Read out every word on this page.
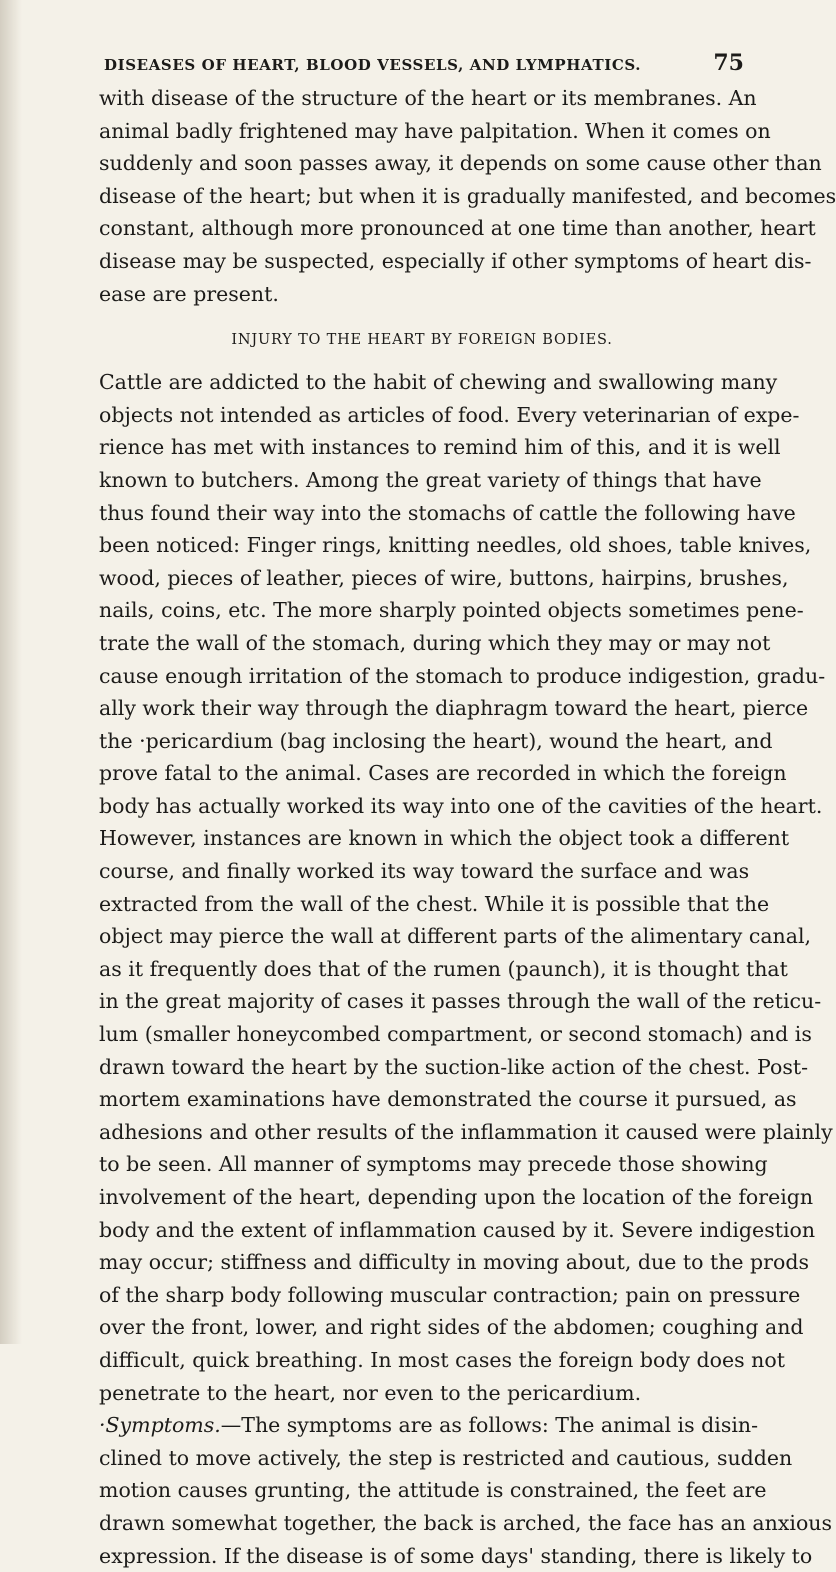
DISEASES OF HEART, BLOOD VESSELS, AND LYMPHATICS.	75
with disease of the structure of the heart or its membranes. An
animal badly frightened may have palpitation. When it comes on
suddenly and soon passes away, it depends on some cause other than
disease of the heart; but when it is gradually manifested, and becomes
constant, although more pronounced at one time than another, heart
disease may be suspected, especially if other symptoms of heart dis-
ease are present.
INJURY TO THE HEART BY FOREIGN BODIES.
Cattle are addicted to the habit of chewing and swallowing many
objects not intended as articles of food. Every veterinarian of expe-
rience has met with instances to remind him of this, and it is well
known to butchers. Among the great variety of things that have
thus found their way into the stomachs of cattle the following have
been noticed: Finger rings, knitting needles, old shoes, table knives,
wood, pieces of leather, pieces of wire, buttons, hairpins, brushes,
nails, coins, etc. The more sharply pointed objects sometimes pene-
trate the wall of the stomach, during which they may or may not
cause enough irritation of the stomach to produce indigestion, gradu-
ally work their way through the diaphragm toward the heart, pierce
the ·pericardium (bag inclosing the heart), wound the heart, and
prove fatal to the animal. Cases are recorded in which the foreign
body has actually worked its way into one of the cavities of the heart.
However, instances are known in which the object took a different
course, and finally worked its way toward the surface and was
extracted from the wall of the chest. While it is possible that the
object may pierce the wall at different parts of the alimentary canal,
as it frequently does that of the rumen (paunch), it is thought that
in the great majority of cases it passes through the wall of the reticu-
lum (smaller honeycombed compartment, or second stomach) and is
drawn toward the heart by the suction-like action of the chest. Post-
mortem examinations have demonstrated the course it pursued, as
adhesions and other results of the inflammation it caused were plainly
to be seen. All manner of symptoms may precede those showing
involvement of the heart, depending upon the location of the foreign
body and the extent of inflammation caused by it. Severe indigestion
may occur; stiffness and difficulty in moving about, due to the prods
of the sharp body following muscular contraction; pain on pressure
over the front, lower, and right sides of the abdomen; coughing and
difficult, quick breathing. In most cases the foreign body does not
penetrate to the heart, nor even to the pericardium.
·Symptoms.—The symptoms are as follows: The animal is disin-
clined to move actively, the step is restricted and cautious, sudden
motion causes grunting, the attitude is constrained, the feet are
drawn somewhat together, the back is arched, the face has an anxious
expression. If the disease is of some days' standing, there is likely to
